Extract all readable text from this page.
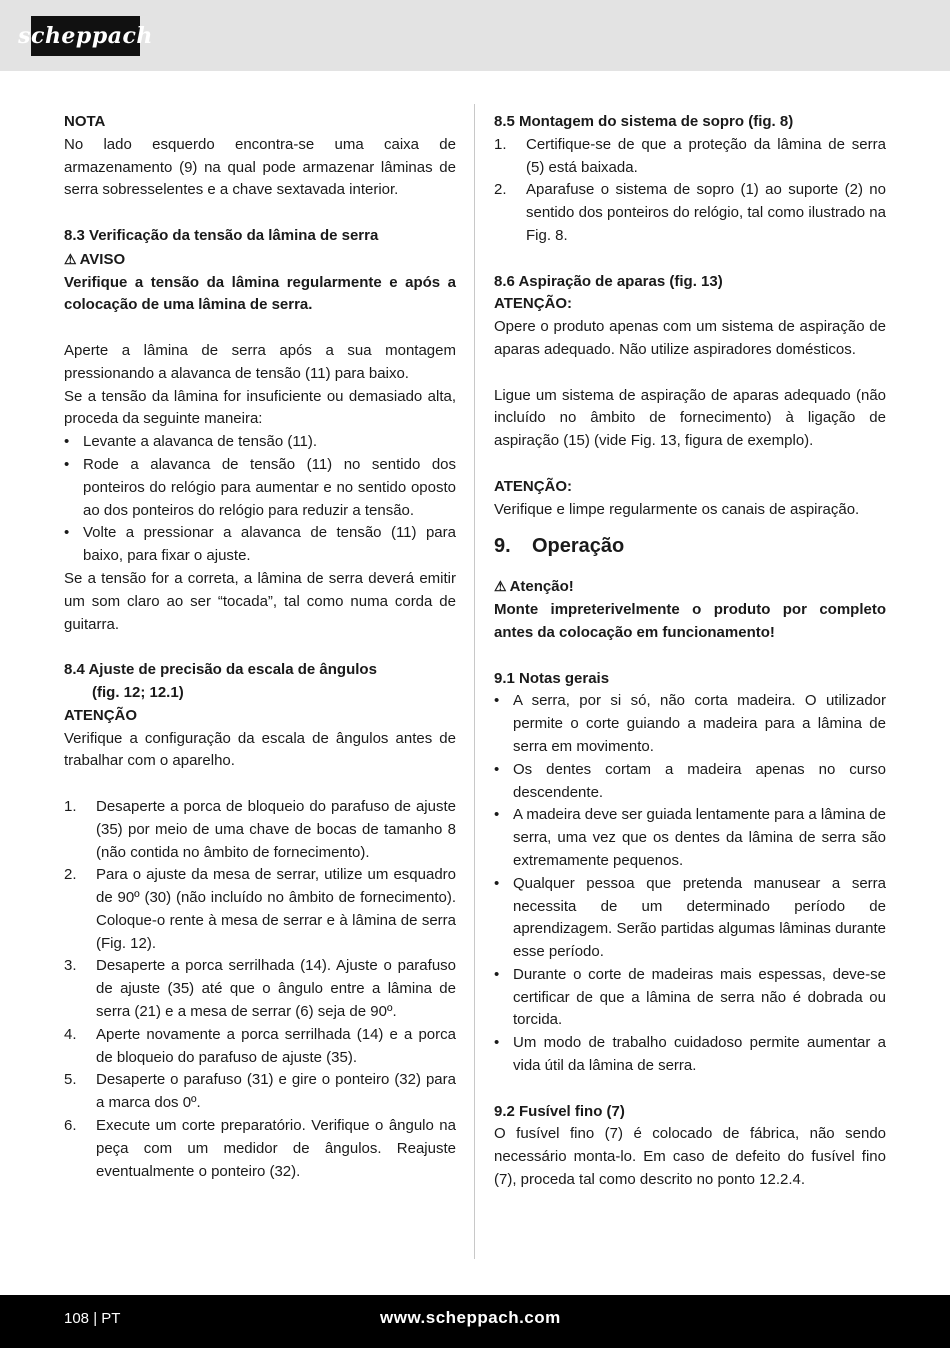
scheppach

NOTA

No lado esquerdo encontra-se uma caixa de armazenamento (9) na qual pode armazenar lâminas de serra sobresselentes e a chave sextavada interior.

8.3 Verificação da tensão da lâmina de serra

⚠ AVISO

Verifique a tensão da lâmina regularmente e após a colocação de uma lâmina de serra.

Aperte a lâmina de serra após a sua montagem pressionando a alavanca de tensão (11) para baixo.

Se a tensão da lâmina for insuficiente ou demasiado alta, proceda da seguinte maneira:

• Levante a alavanca de tensão (11).
• Rode a alavanca de tensão (11) no sentido dos ponteiros do relógio para aumentar e no sentido oposto ao dos ponteiros do relógio para reduzir a tensão.
• Volte a pressionar a alavanca de tensão (11) para baixo, para fixar o ajuste.

Se a tensão for a correta, a lâmina de serra deverá emitir um som claro ao ser “tocada”, tal como numa corda de guitarra.

8.4 Ajuste de precisão da escala de ângulos
(fig. 12; 12.1)

ATENÇÃO

Verifique a configuração da escala de ângulos antes de trabalhar com o aparelho.

1. Desaperte a porca de bloqueio do parafuso de ajuste (35) por meio de uma chave de bocas de tamanho 8 (não contida no âmbito de fornecimento).
2. Para o ajuste da mesa de serrar, utilize um esquadro de 90º (30) (não incluído no âmbito de fornecimento). Coloque-o rente à mesa de serrar e à lâmina de serra (Fig. 12).
3. Desaperte a porca serrilhada (14). Ajuste o parafuso de ajuste (35) até que o ângulo entre a lâmina de serra (21) e a mesa de serrar (6) seja de 90º.
4. Aperte novamente a porca serrilhada (14) e a porca de bloqueio do parafuso de ajuste (35).
5. Desaperte o parafuso (31) e gire o ponteiro (32) para a marca dos 0º.
6. Execute um corte preparatório. Verifique o ângulo na peça com um medidor de ângulos. Reajuste eventualmente o ponteiro (32).

8.5 Montagem do sistema de sopro (fig. 8)

1. Certifique-se de que a proteção da lâmina de serra (5) está baixada.
2. Aparafuse o sistema de sopro (1) ao suporte (2) no sentido dos ponteiros do relógio, tal como ilustrado na Fig. 8.

8.6 Aspiração de aparas (fig. 13)

ATENÇÃO:

Opere o produto apenas com um sistema de aspiração de aparas adequado. Não utilize aspiradores domésticos.

Ligue um sistema de aspiração de aparas adequado (não incluído no âmbito de fornecimento) à ligação de aspiração (15) (vide Fig. 13, figura de exemplo).

ATENÇÃO:

Verifique e limpe regularmente os canais de aspiração.

9. Operação

⚠ Atenção!

Monte impreterivelmente o produto por completo antes da colocação em funcionamento!

9.1 Notas gerais

• A serra, por si só, não corta madeira. O utilizador permite o corte guiando a madeira para a lâmina de serra em movimento.
• Os dentes cortam a madeira apenas no curso descendente.
• A madeira deve ser guiada lentamente para a lâmina de serra, uma vez que os dentes da lâmina de serra são extremamente pequenos.
• Qualquer pessoa que pretenda manusear a serra necessita de um determinado período de aprendizagem. Serão partidas algumas lâminas durante esse período.
• Durante o corte de madeiras mais espessas, deve-se certificar de que a lâmina de serra não é dobrada ou torcida.
• Um modo de trabalho cuidadoso permite aumentar a vida útil da lâmina de serra.

9.2 Fusível fino (7)

O fusível fino (7) é colocado de fábrica, não sendo necessário monta-lo. Em caso de defeito do fusível fino (7), proceda tal como descrito no ponto 12.2.4.

108 | PT	www.scheppach.com
